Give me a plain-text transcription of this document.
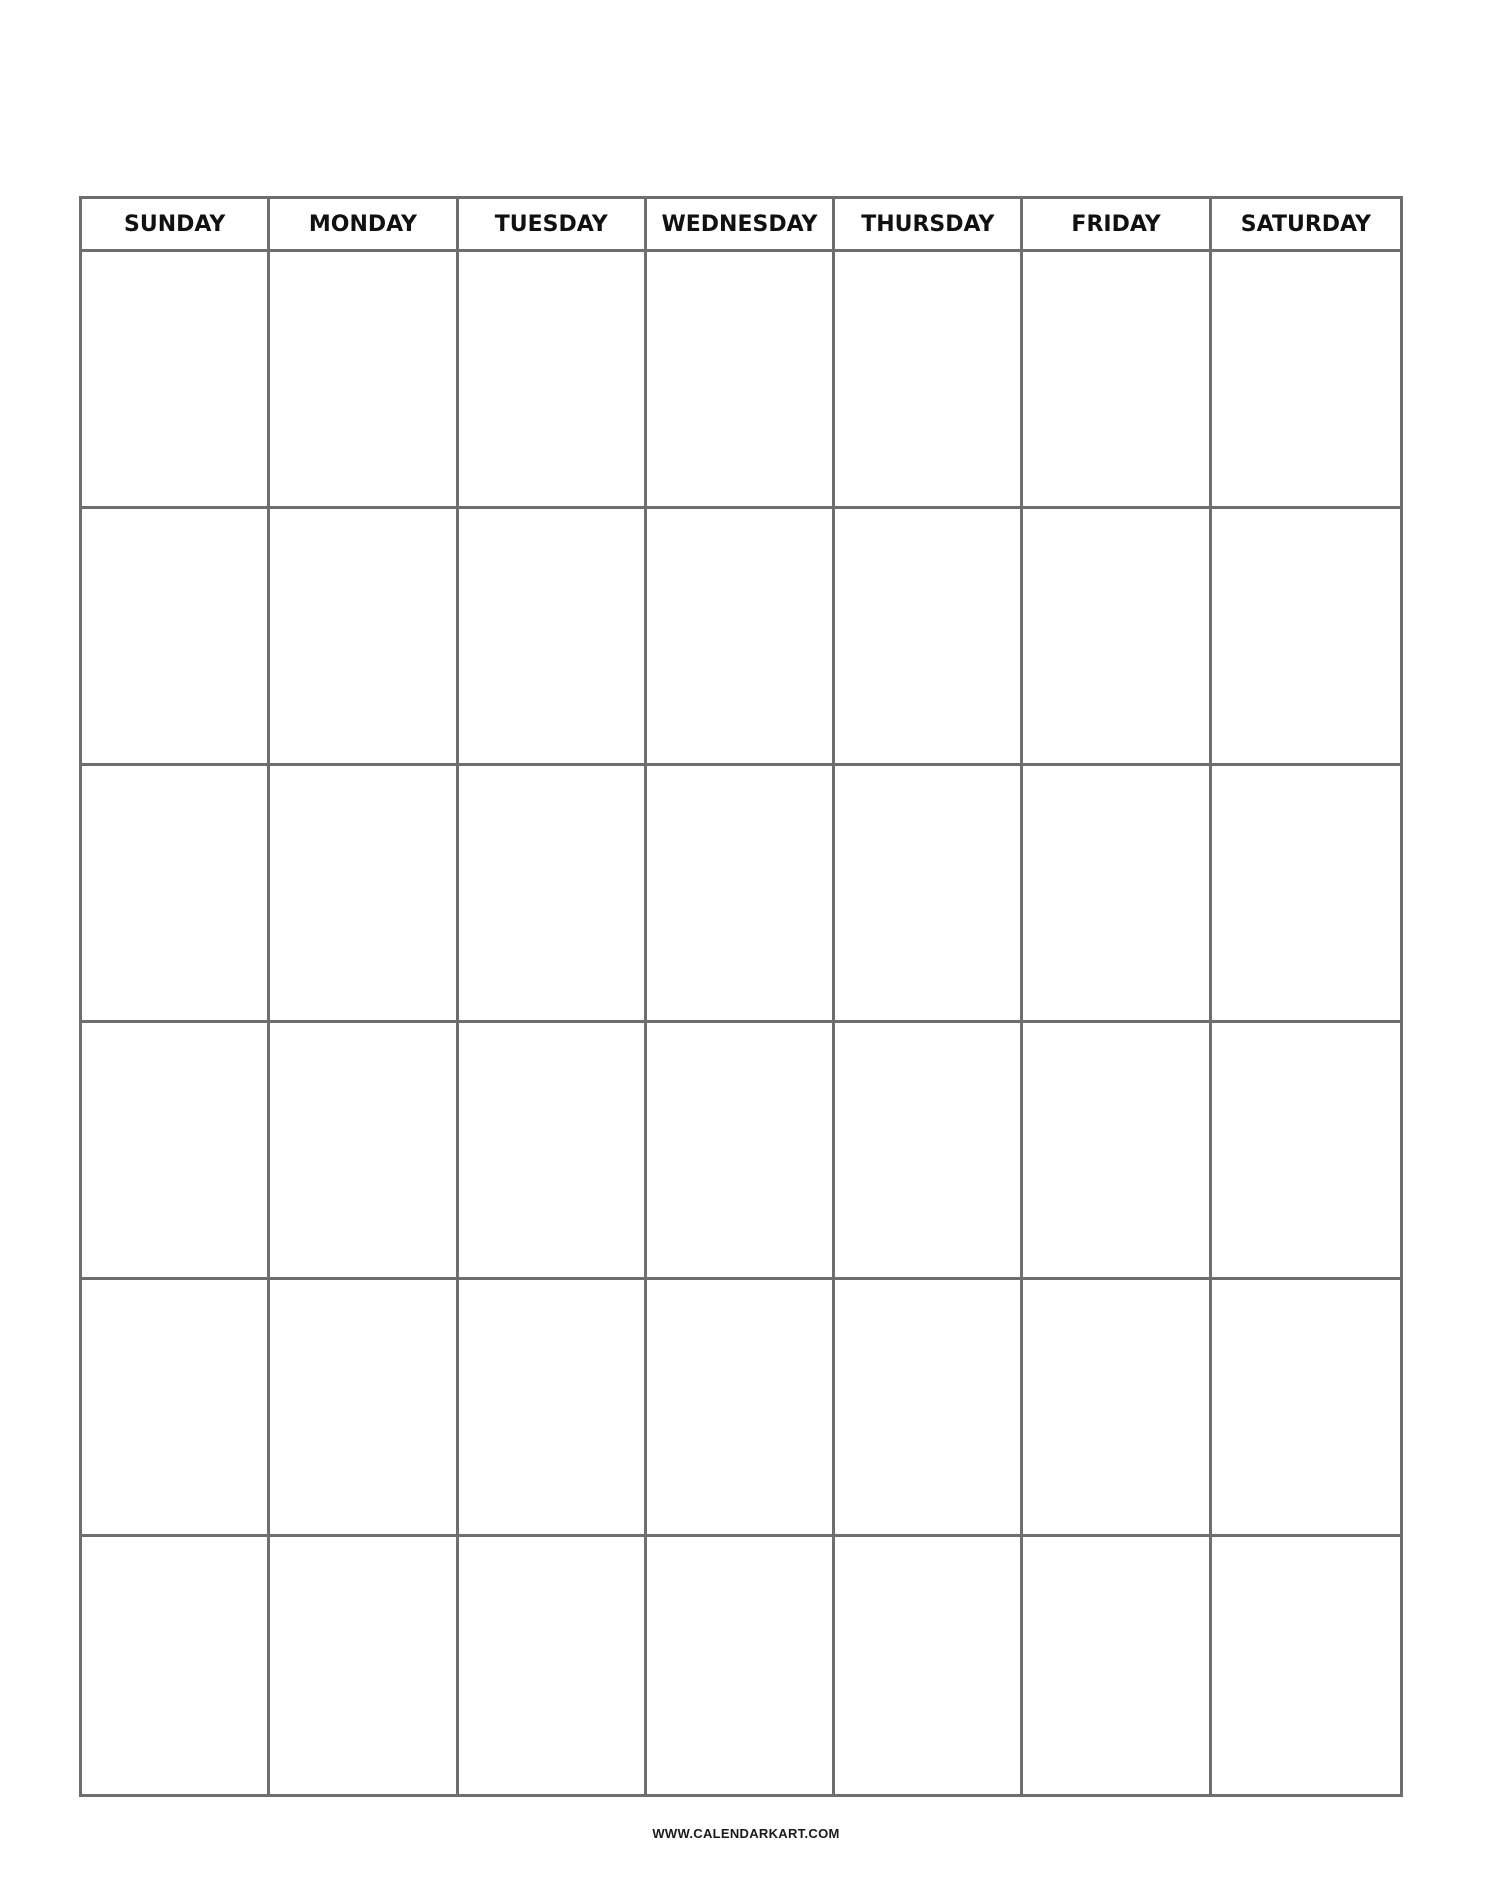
SUNDAY	MONDAY	TUESDAY	WEDNESDAY	THURSDAY	FRIDAY	SATURDAY
WWW.CALENDARKART.COM
